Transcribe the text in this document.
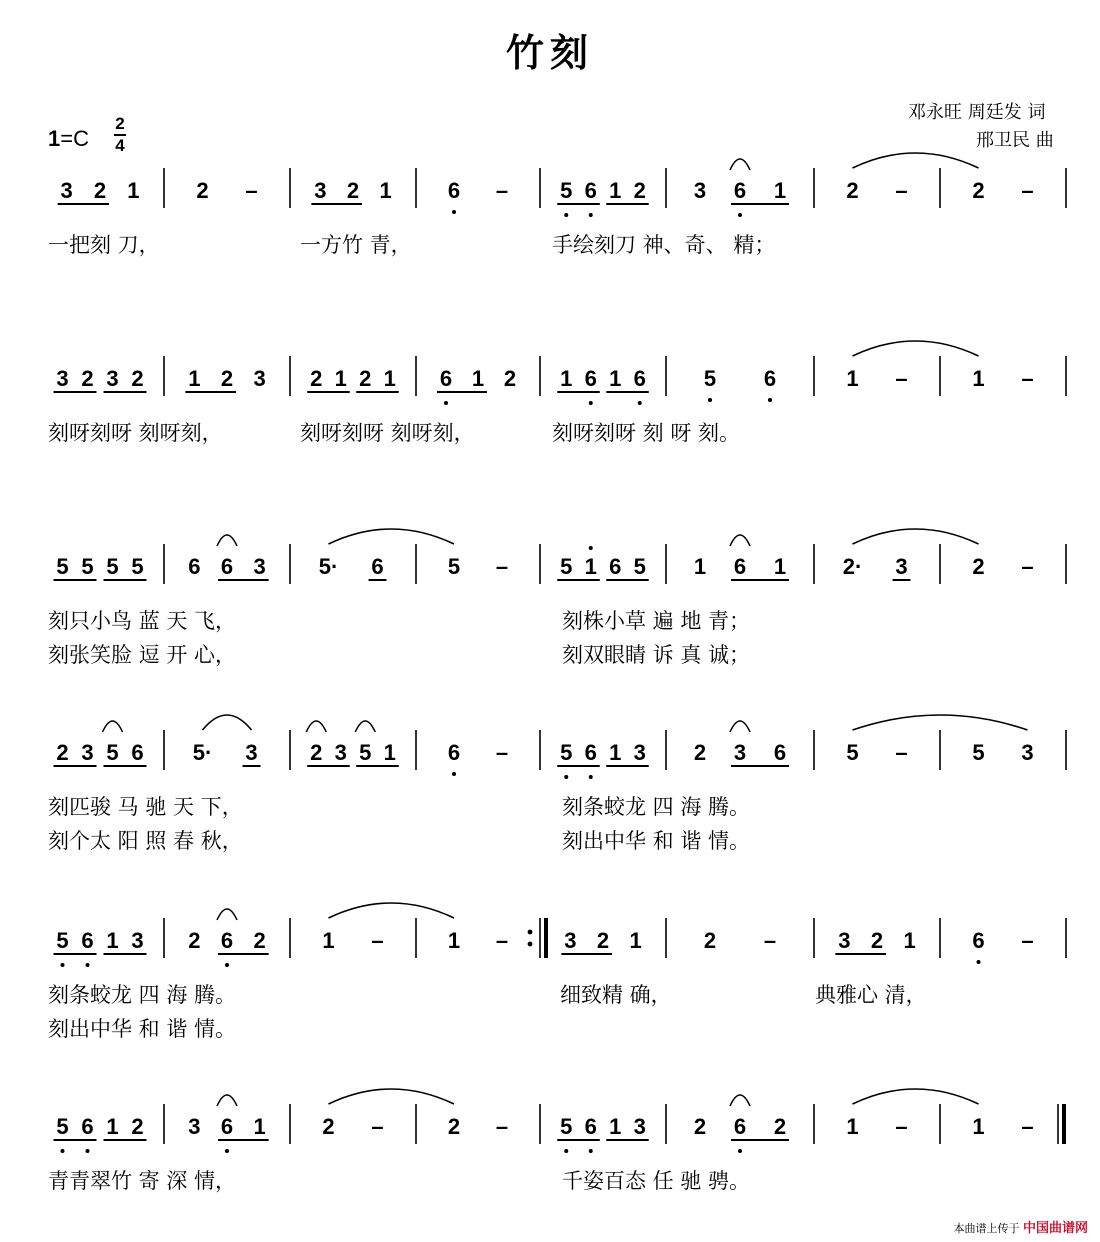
竹刻
邓永旺 周廷发 词
邢卫民 曲
1=C
2
4
3 2 1	2 –	3 2 1	6 – 5 6 1 2 3 6 1	2 –	2 –
一把刻 刀，	一方竹 青，	手绘刻刀 神、奇、 精；
3 2 3 2 1 2 3 2 1 2 1 6 1 2 1 6 1 6	5 6	1 –	1 –
刻呀刻呀 刻呀刻，	刻呀刻呀 刻呀刻，	刻呀刻呀 刻 呀 刻。
5 5 5 5 6 6 3 5· 6	5 – 5 1 6 5 1 6 1	2· 3	2 –
刻只小鸟 蓝 天 飞，	刻株小草 遍 地 青；
刻张笑脸 逗 开 心，	刻双眼睛 诉 真 诚；
2 3 5 6 5· 3 2 3 5 1 6 – 5 6 1 3 2 3 6	5 –	5 3
刻匹骏 马 驰 天 下，	刻条蛟龙 四 海 腾。
刻个太 阳 照 春 秋，	刻出中华 和 谐 情。
5 6 1 3 2 6 2	1 –	1 –	3 2 1	2 –	3 2 1	6 –
刻条蛟龙 四 海 腾。	细致精 确，	典雅心 清，
刻出中华 和 谐 情。
5 6 1 2 3 6 1	2 –	2 – 5 6 1 3 2 6 2	1 –	1 –
青青翠竹 寄 深 情，	千姿百态 任 驰 骋。
本曲谱上传于 中国曲谱网
